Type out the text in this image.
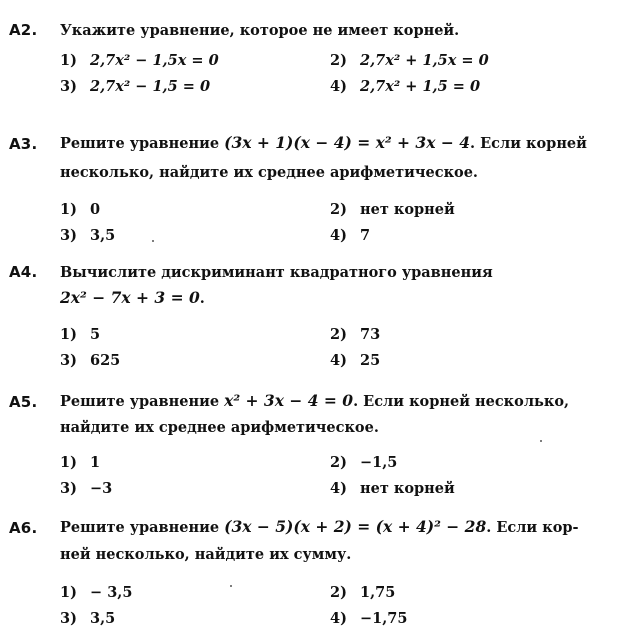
A2. Укажите уравнение, которое не имеет корней.
1) 2,7x² − 1,5x = 0	2) 2,7x² + 1,5x = 0
3) 2,7x² − 1,5 = 0	4) 2,7x² + 1,5 = 0
A3. Решите уравнение (3x + 1)(x − 4) = x² + 3x − 4. Если корней
несколько, найдите их среднее арифметическое.
1) 0	2) нет корней
3) 3,5	4) 7
A4. Вычислите дискриминант квадратного уравнения
2x² − 7x + 3 = 0.
1) 5	2) 73
3) 625	4) 25
A5. Решите уравнение x² + 3x − 4 = 0. Если корней несколько,
найдите их среднее арифметическое.
1) 1	2) −1,5
3) −3	4) нет корней
A6. Решите уравнение (3x − 5)(x + 2) = (x + 4)² − 28. Если кор-
ней несколько, найдите их сумму.
1) − 3,5	2) 1,75
3) 3,5	4) −1,75
